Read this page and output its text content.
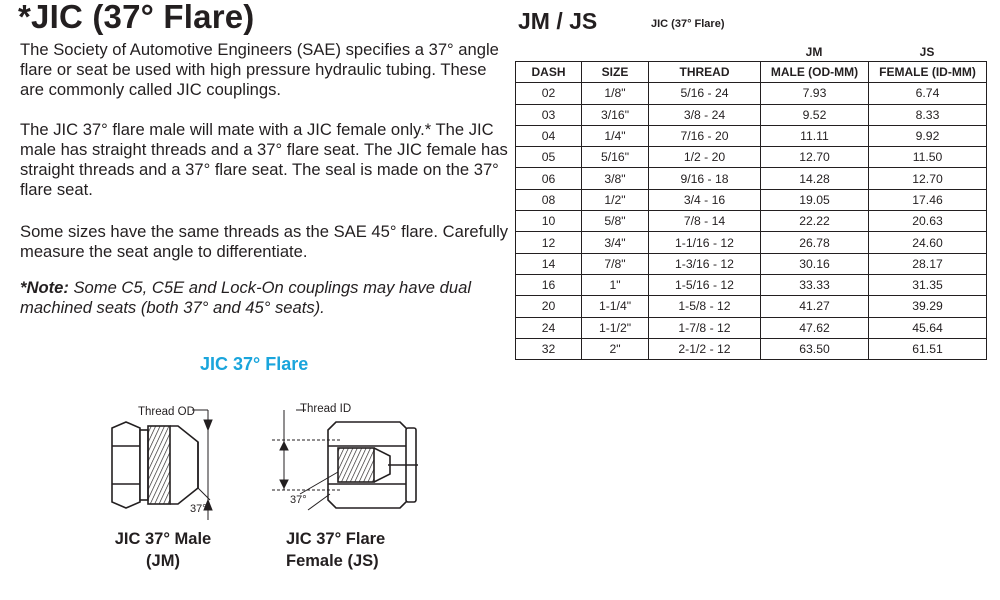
*JIC (37° Flare)

The Society of Automotive Engineers (SAE) specifies a 37° angle flare or seat be used with high pressure hydraulic tubing. These are commonly called JIC couplings.

The JIC 37° flare male will mate with a JIC female only.* The JIC male has straight threads and a 37° flare seat. The JIC female has straight threads and a 37° flare seat. The seal is made on the 37° flare seat.

Some sizes have the same threads as the SAE 45° flare. Carefully measure the seat angle to differentiate.

*Note: Some C5, C5E and Lock-On couplings may have dual machined seats (both 37° and 45° seats).

JIC 37° Flare
Thread OD
37°
Thread ID
37°

JIC 37° Male
(JM)

JIC 37° Flare
Female (JS)

JM / JS	JIC (37° Flare)

JM	JS

DASH	SIZE	THREAD	MALE (OD-MM)	FEMALE (ID-MM)
02	1/8"	5/16 - 24	7.93	6.74
03	3/16"	3/8 - 24	9.52	8.33
04	1/4"	7/16 - 20	11.11	9.92
05	5/16"	1/2 - 20	12.70	11.50
06	3/8"	9/16 - 18	14.28	12.70
08	1/2"	3/4 - 16	19.05	17.46
10	5/8"	7/8 - 14	22.22	20.63
12	3/4"	1-1/16 - 12	26.78	24.60
14	7/8"	1-3/16 - 12	30.16	28.17
16	1"	1-5/16 - 12	33.33	31.35
20	1-1/4"	1-5/8 - 12	41.27	39.29
24	1-1/2"	1-7/8 - 12	47.62	45.64
32	2"	2-1/2 - 12	63.50	61.51
